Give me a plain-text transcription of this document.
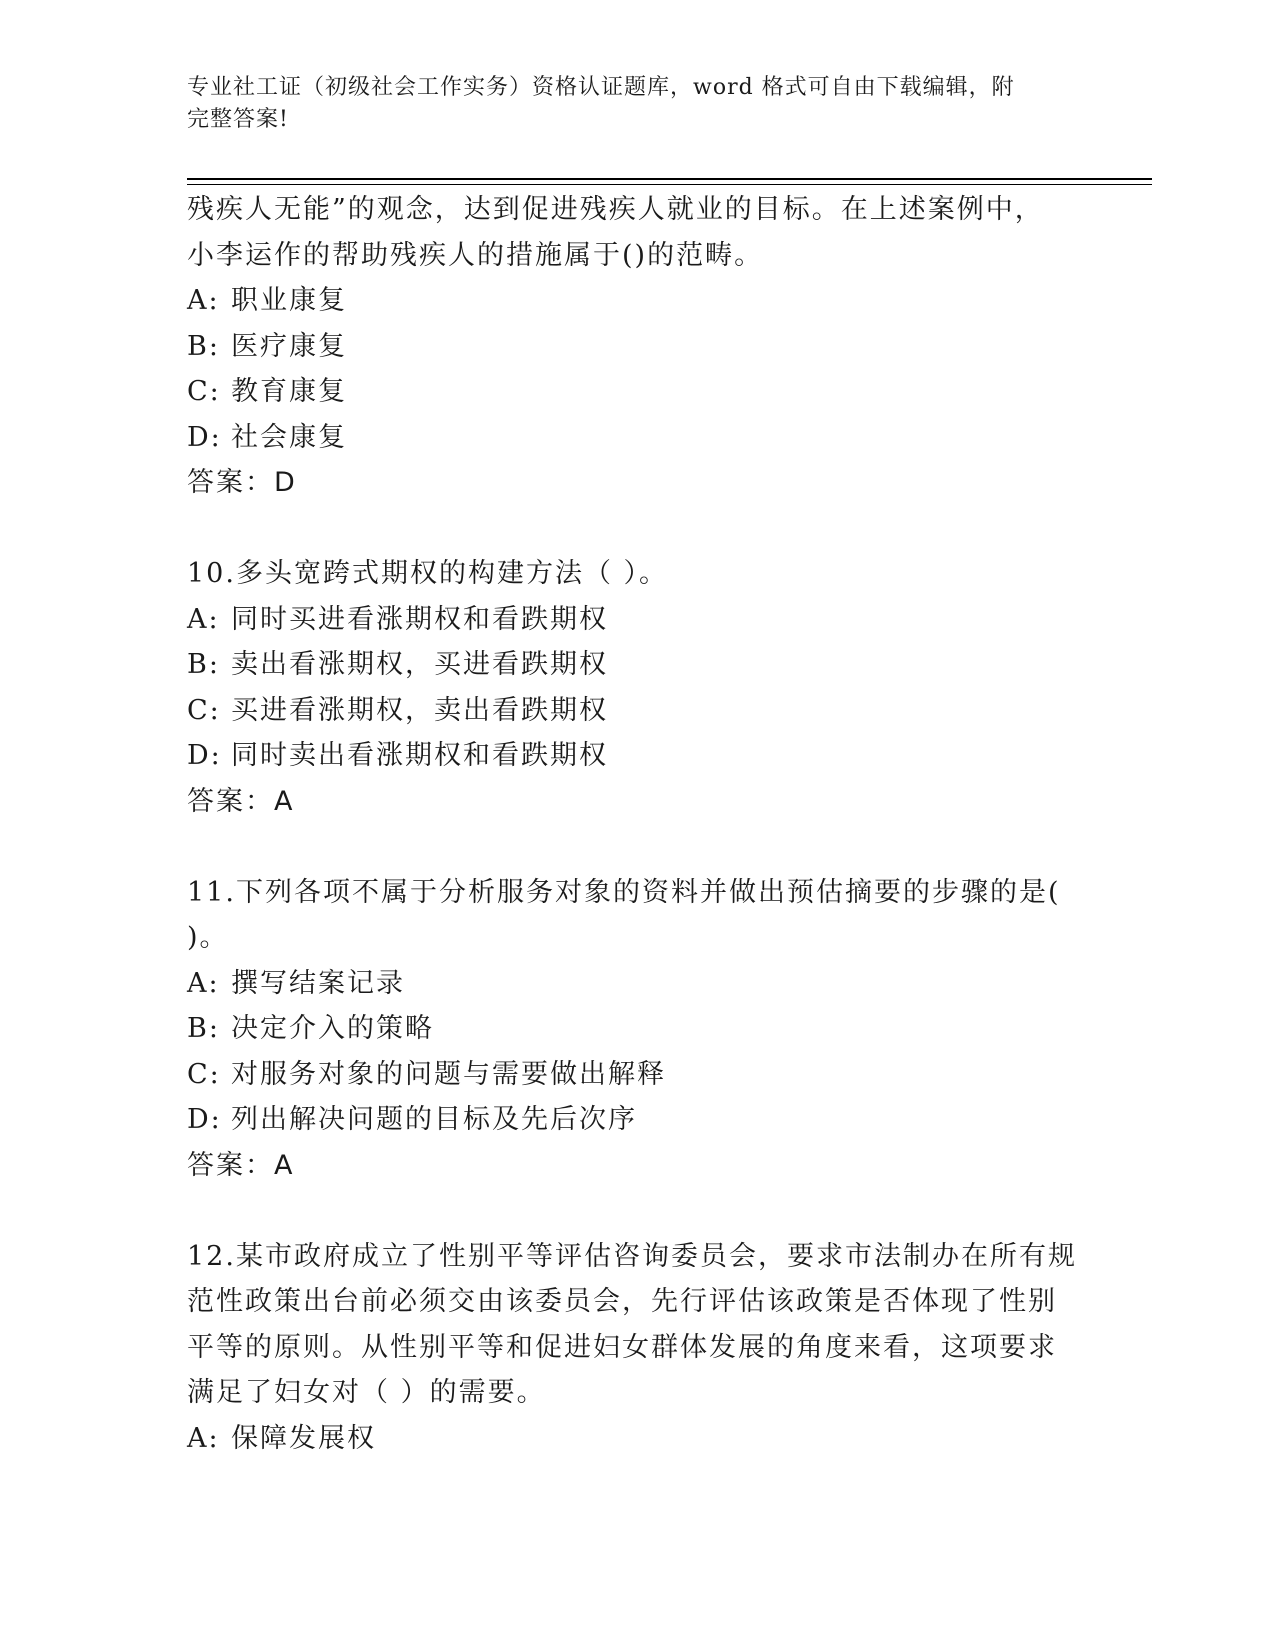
专业社工证（初级社会工作实务）资格认证题库，word 格式可自由下载编辑，附
完整答案!
残疾人无能”的观念，达到促进残疾人就业的目标。在上述案例中，
小李运作的帮助残疾人的措施属于()的范畴。
A: 职业康复
B: 医疗康复
C: 教育康复
D: 社会康复
答案：D
10.多头宽跨式期权的构建方法（ ）。
A: 同时买进看涨期权和看跌期权
B: 卖出看涨期权，买进看跌期权
C: 买进看涨期权，卖出看跌期权
D: 同时卖出看涨期权和看跌期权
答案：A
11.下列各项不属于分析服务对象的资料并做出预估摘要的步骤的是(
)。
A: 撰写结案记录
B: 决定介入的策略
C: 对服务对象的问题与需要做出解释
D: 列出解决问题的目标及先后次序
答案：A
12.某市政府成立了性别平等评估咨询委员会，要求市法制办在所有规
范性政策出台前必须交由该委员会，先行评估该政策是否体现了性别
平等的原则。从性别平等和促进妇女群体发展的角度来看，这项要求
满足了妇女对（ ）的需要。
A: 保障发展权
